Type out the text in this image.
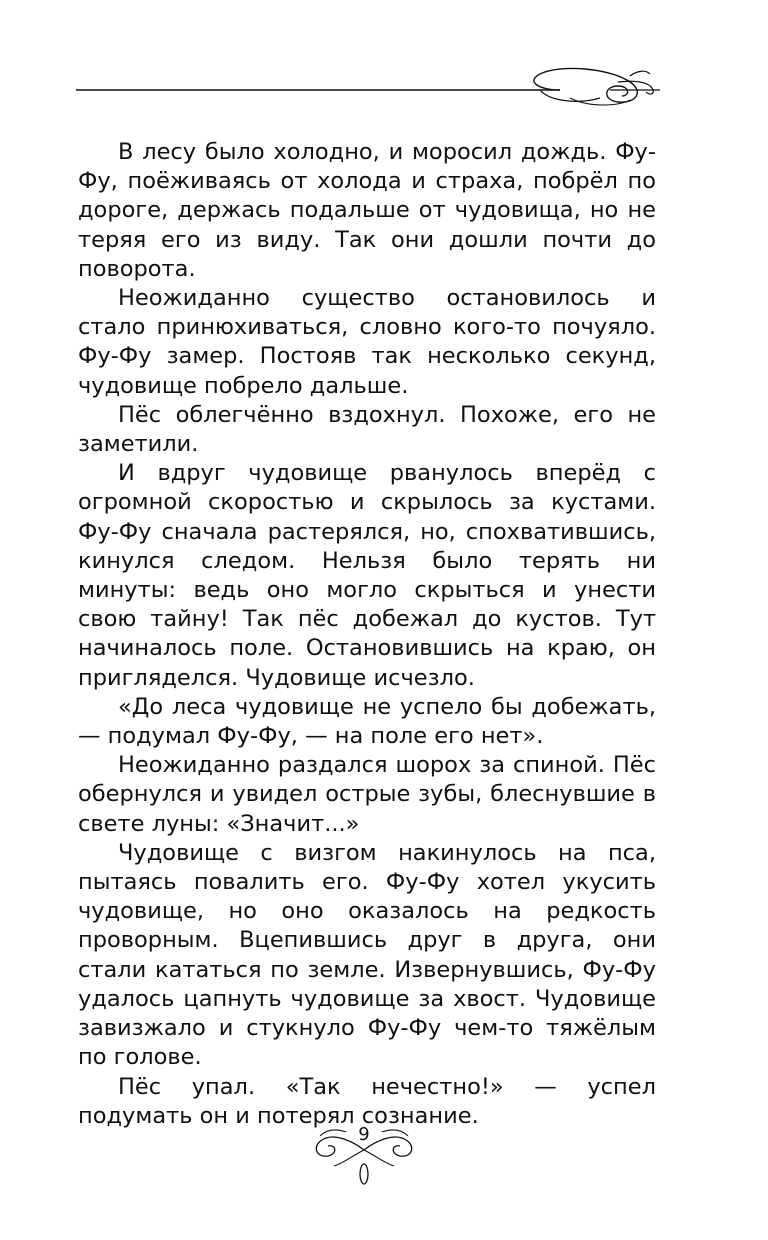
В лесу было холодно, и моросил дождь. Фу-Фу, поёживаясь от холода и страха, побрёл по дороге, держась подальше от чудовища, но не теряя его из виду. Так они дошли почти до поворота.

Неожиданно существо остановилось и стало принюхиваться, словно кого-то почуяло. Фу-Фу замер. Постояв так несколько секунд, чудовище побрело дальше.

Пёс облегчённо вздохнул. Похоже, его не заметили.

И вдруг чудовище рванулось вперёд с огромной скоростью и скрылось за кустами. Фу-Фу сначала растерялся, но, спохватившись, кинулся следом. Нельзя было терять ни минуты: ведь оно могло скрыться и унести свою тайну! Так пёс добежал до кустов. Тут начиналось поле. Остановившись на краю, он пригляделся. Чудовище исчезло.

«До леса чудовище не успело бы добежать, — подумал Фу-Фу, — на поле его нет».

Неожиданно раздался шорох за спиной. Пёс обернулся и увидел острые зубы, блеснувшие в свете луны: «Значит...»

Чудовище с визгом накинулось на пса, пытаясь повалить его. Фу-Фу хотел укусить чудовище, но оно оказалось на редкость проворным. Вцепившись друг в друга, они стали кататься по земле. Извернувшись, Фу-Фу удалось цапнуть чудовище за хвост. Чудовище завизжало и стукнуло Фу-Фу чем-то тяжёлым по голове.

Пёс упал. «Так нечестно!» — успел подумать он и потерял сознание.

9
